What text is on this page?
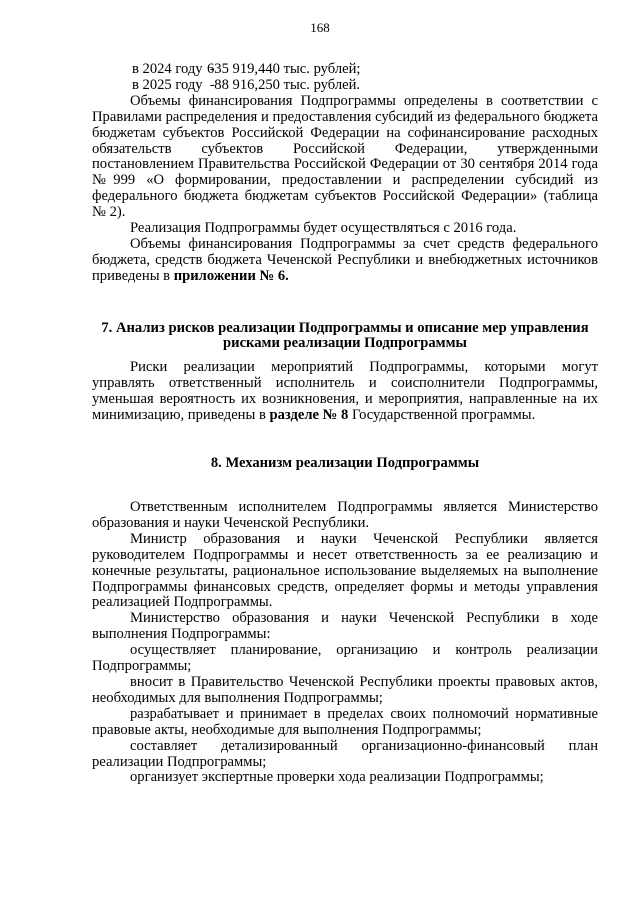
168
в 2024 году  -635 919,440 тыс. рублей;
в 2025 году  -  88 916,250 тыс. рублей.

Объемы финансирования Подпрограммы определены в соответствии с Правилами распределения и предоставления субсидий из федерального бюджета бюджетам субъектов Российской Федерации на софинансирование расходных обязательств субъектов Российской Федерации, утвержденными постановлением Правительства Российской Федерации от 30 сентября 2014 года №999 «О формировании, предоставлении и распределении субсидий из федерального бюджета бюджетам субъектов Российской Федерации» (таблица № 2).

Реализация Подпрограммы будет осуществляться с 2016 года.

Объемы финансирования Подпрограммы за счет средств федерального бюджета, средств бюджета Чеченской Республики и внебюджетных источников приведены в приложении № 6.

7. Анализ рисков реализации Подпрограммы и описание мер управления рисками реализации Подпрограммы

Риски реализации мероприятий Подпрограммы, которыми могут управлять ответственный исполнитель и соисполнители Подпрограммы, уменьшая вероятность их возникновения, и мероприятия, направленные на их минимизацию, приведены в разделе № 8 Государственной программы.

8. Механизм реализации Подпрограммы

Ответственным исполнителем Подпрограммы является Министерство образования и науки Чеченской Республики.

Министр образования и науки Чеченской Республики является руководителем Подпрограммы и несет ответственность за ее реализацию и конечные результаты, рациональное использование выделяемых на выполнение Подпрограммы финансовых средств, определяет формы и методы управления реализацией Подпрограммы.

Министерство образования и науки Чеченской Республики в ходе выполнения Подпрограммы:

осуществляет планирование, организацию и контроль реализации Подпрограммы;

вносит в Правительство Чеченской Республики проекты правовых актов, необходимых для выполнения Подпрограммы;

разрабатывает и принимает в пределах своих полномочий нормативные правовые акты, необходимые для выполнения Подпрограммы;

составляет детализированный организационно-финансовый план реализации Подпрограммы;

организует экспертные проверки хода реализации Подпрограммы;
